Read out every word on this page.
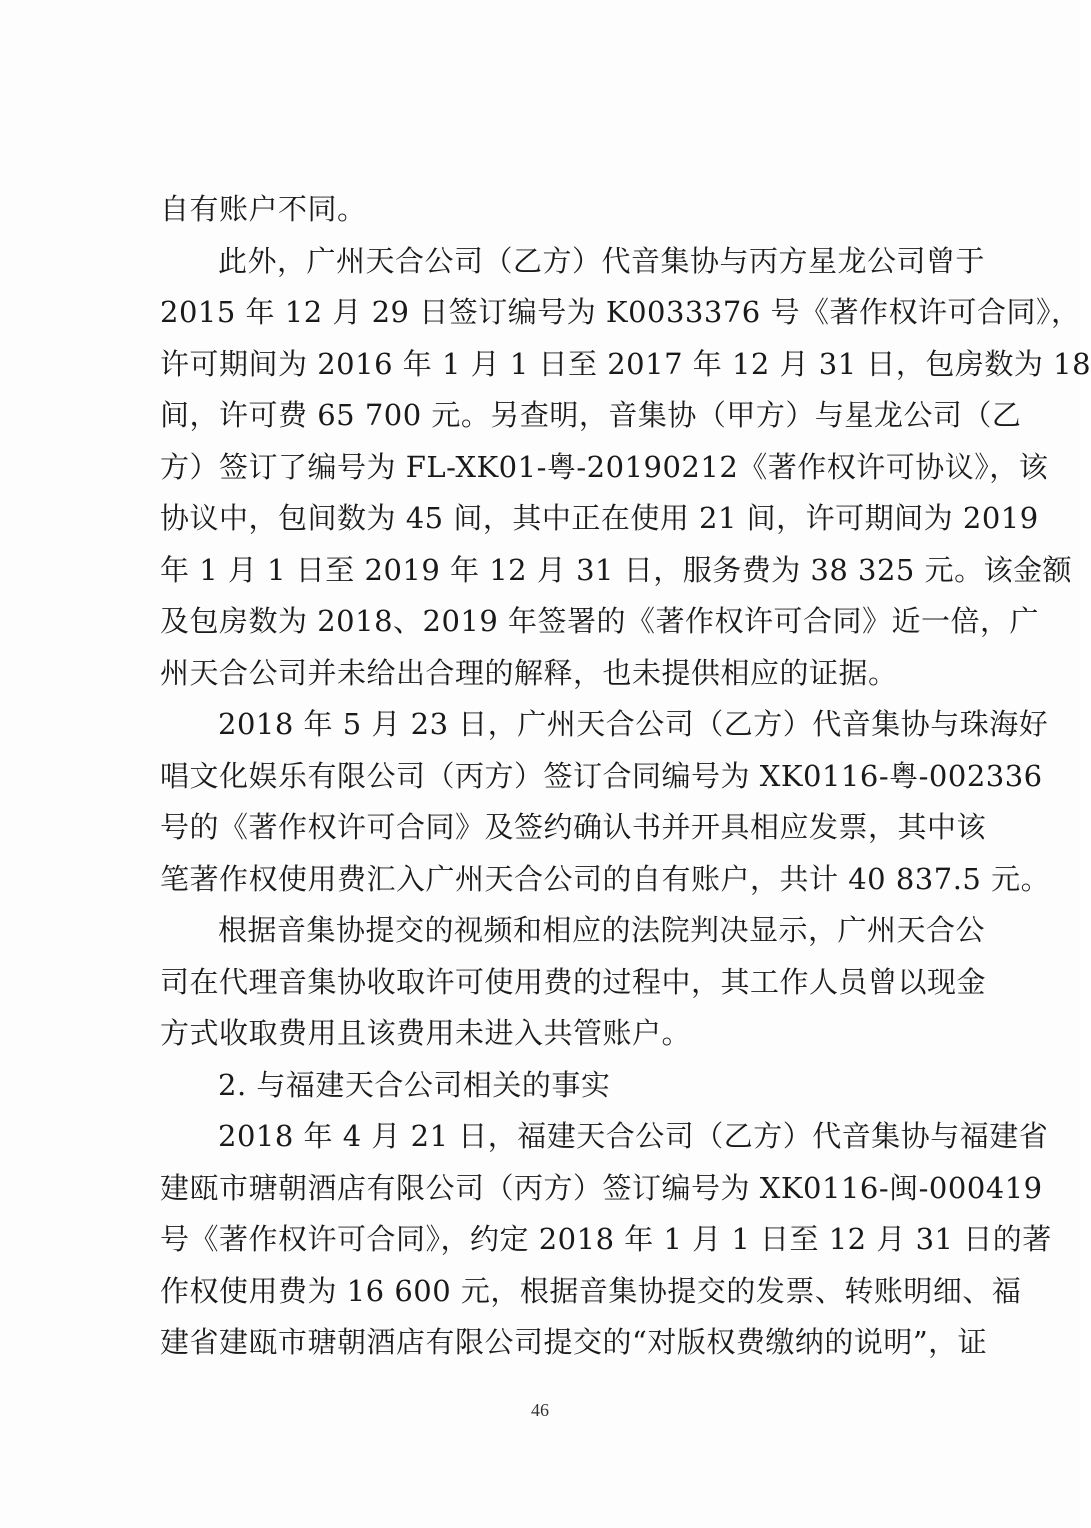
自有账户不同。
此外，广州天合公司（乙方）代音集协与丙方星龙公司曾于
2015 年 12 月 29 日签订编号为 K0033376 号《著作权许可合同》，
许可期间为 2016 年 1 月 1 日至 2017 年 12 月 31 日，包房数为 18
间，许可费 65 700 元。另查明，音集协（甲方）与星龙公司（乙
方）签订了编号为 FL-XK01-粤-20190212《著作权许可协议》，该
协议中，包间数为 45 间，其中正在使用 21 间，许可期间为 2019
年 1 月 1 日至 2019 年 12 月 31 日，服务费为 38 325 元。该金额
及包房数为 2018、2019 年签署的《著作权许可合同》近一倍，广
州天合公司并未给出合理的解释，也未提供相应的证据。
2018 年 5 月 23 日，广州天合公司（乙方）代音集协与珠海好
唱文化娱乐有限公司（丙方）签订合同编号为 XK0116-粤-002336
号的《著作权许可合同》及签约确认书并开具相应发票，其中该
笔著作权使用费汇入广州天合公司的自有账户，共计 40 837.5 元。
根据音集协提交的视频和相应的法院判决显示，广州天合公
司在代理音集协收取许可使用费的过程中，其工作人员曾以现金
方式收取费用且该费用未进入共管账户。
2. 与福建天合公司相关的事实
2018 年 4 月 21 日，福建天合公司（乙方）代音集协与福建省
建瓯市瑭朝酒店有限公司（丙方）签订编号为 XK0116-闽-000419
号《著作权许可合同》，约定 2018 年 1 月 1 日至 12 月 31 日的著
作权使用费为 16 600 元，根据音集协提交的发票、转账明细、福
建省建瓯市瑭朝酒店有限公司提交的“对版权费缴纳的说明”，证
46
